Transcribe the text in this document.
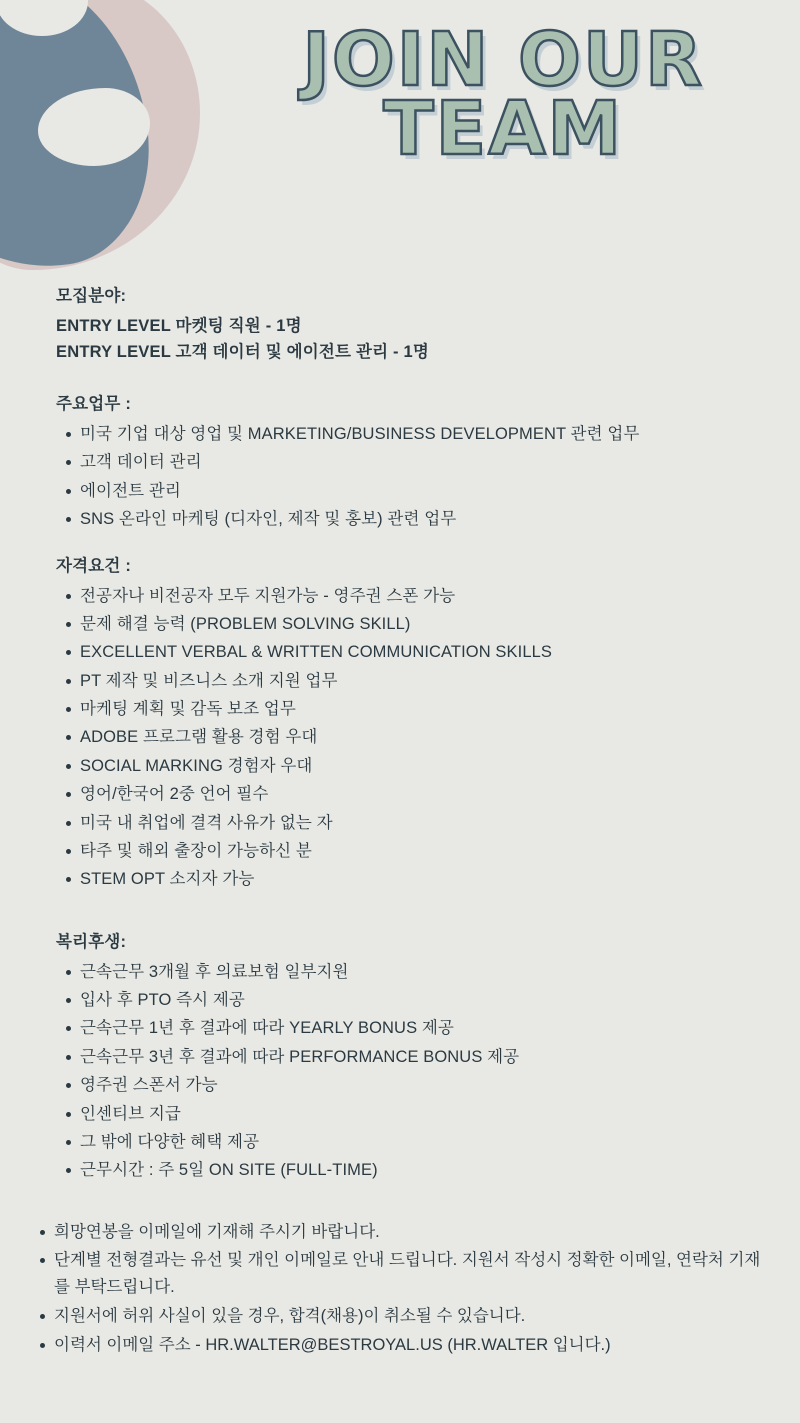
JOIN OUR
TEAM
모집분야:
ENTRY LEVEL 마켓팅 직원 - 1명
ENTRY LEVEL 고객 데이터 및 에이전트 관리 - 1명
주요업무 :
미국 기업 대상 영업 및 MARKETING/BUSINESS DEVELOPMENT 관련 업무
고객 데이터 관리
에이전트 관리
SNS 온라인 마케팅 (디자인, 제작 및 홍보) 관련 업무
자격요건 :
전공자나 비전공자 모두 지원가능 - 영주권 스폰 가능
문제 해결 능력 (PROBLEM SOLVING SKILL)
EXCELLENT VERBAL & WRITTEN COMMUNICATION SKILLS
PT 제작 및 비즈니스 소개 지원 업무
마케팅 계획 및 감독 보조 업무
ADOBE 프로그램 활용 경험 우대
SOCIAL MARKING 경험자 우대
영어/한국어 2중 언어 필수
미국 내 취업에 결격 사유가 없는 자
타주 및 해외 출장이 가능하신 분
STEM OPT 소지자 가능
복리후생:
근속근무 3개월 후 의료보험 일부지원
입사 후 PTO 즉시 제공
근속근무 1년 후 결과에 따라 YEARLY BONUS 제공
근속근무 3년 후 결과에 따라 PERFORMANCE BONUS 제공
영주권 스폰서 가능
인센티브 지급
그 밖에 다양한 혜택 제공
근무시간 : 주 5일 ON SITE (FULL-TIME)
희망연봉을 이메일에 기재해 주시기 바랍니다.
단계별 전형결과는 유선 및 개인 이메일로 안내 드립니다. 지원서 작성시 정확한 이메일, 연락처 기재를 부탁드립니다.
지원서에 허위 사실이 있을 경우, 합격(채용)이 취소될 수 있습니다.
이력서 이메일 주소 - HR.WALTER@BESTROYAL.US (HR.WALTER 입니다.)
